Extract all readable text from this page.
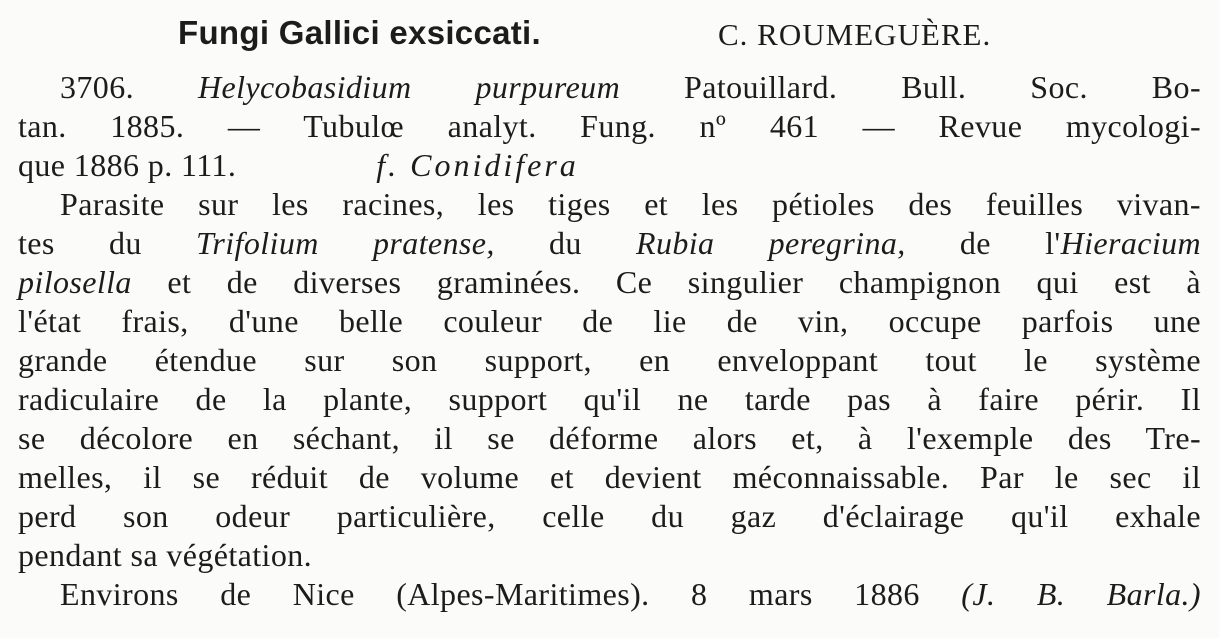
Fungi Gallici exsiccati.	C. ROUMEGUÈRE.
3706. Helycobasidium purpureum Patouillard. Bull. Soc. Bo-
tan. 1885. — Tubulœ analyt. Fung. nº 461 — Revue mycologi-
que 1886 p. 111.	f. Conidifera
Parasite sur les racines, les tiges et les pétioles des feuilles vivan-
tes du Trifolium pratense, du Rubia peregrina, de l'Hieracium
pilosella et de diverses graminées. Ce singulier champignon qui est à
l'état frais, d'une belle couleur de lie de vin, occupe parfois une
grande étendue sur son support, en enveloppant tout le système
radiculaire de la plante, support qu'il ne tarde pas à faire périr. Il
se décolore en séchant, il se déforme alors et, à l'exemple des Tre-
melles, il se réduit de volume et devient méconnaissable. Par le sec il
perd son odeur particulière, celle du gaz d'éclairage qu'il exhale
pendant sa végétation.
Environs de Nice (Alpes-Maritimes). 8 mars 1886 (J. B. Barla.)
